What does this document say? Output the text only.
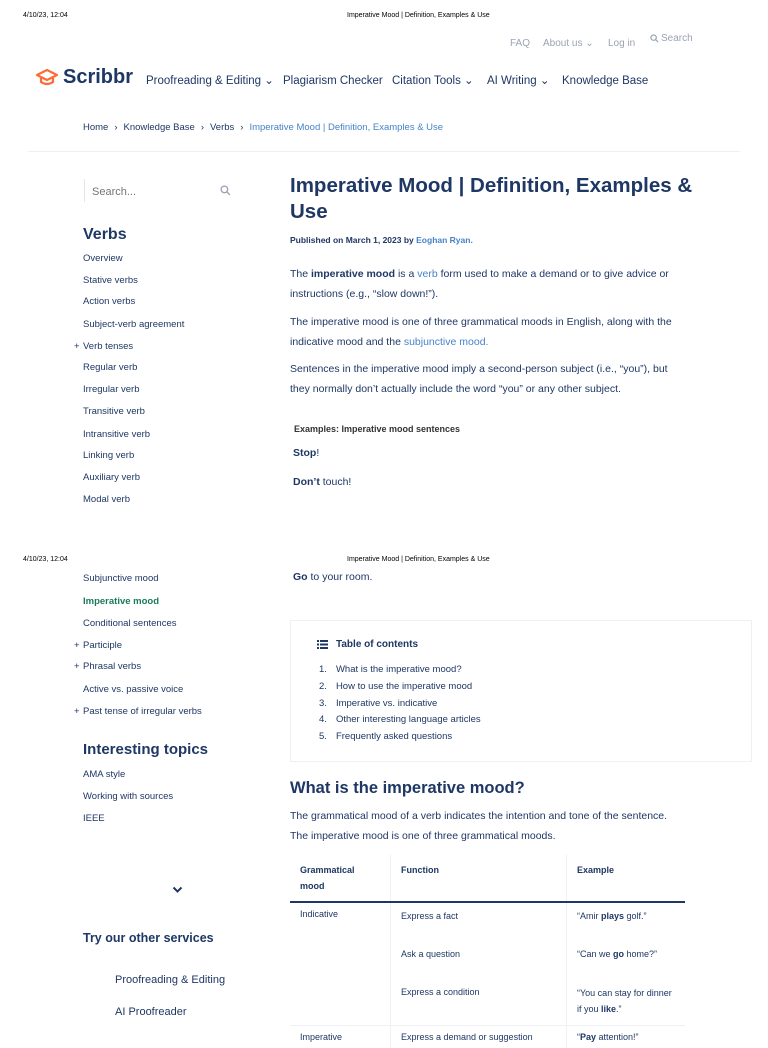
4/10/23, 12:04	Imperative Mood | Definition, Examples & Use
FAQ About us ⌄ Log in	Search
Scribbr Proofreading & Editing ⌄ Plagiarism Checker Citation Tools ⌄ AI Writing ⌄ Knowledge Base
Home › Knowledge Base › Verbs › Imperative Mood | Definition, Examples & Use
Search...
Verbs
Overview
Stative verbs
Action verbs
Subject-verb agreement
+ Verb tenses
Regular verb
Irregular verb
Transitive verb
Intransitive verb
Linking verb
Auxiliary verb
Modal verb
Imperative Mood | Definition, Examples & Use
Published on March 1, 2023 by Eoghan Ryan.

The imperative mood is a verb form used to make a demand or to give advice or instructions (e.g., “slow down!”).

The imperative mood is one of three grammatical moods in English, along with the indicative mood and the subjunctive mood.

Sentences in the imperative mood imply a second-person subject (i.e., “you”), but they normally don’t actually include the word “you” or any other subject.

Examples: Imperative mood sentences
Stop!
Don’t touch!
4/10/23, 12:04	Imperative Mood | Definition, Examples & Use
Subjunctive mood
Imperative mood
Conditional sentences
+ Participle
+ Phrasal verbs
Active vs. passive voice
+ Past tense of irregular verbs
Interesting topics
AMA style
Working with sources
IEEE
Try our other services
Proofreading & Editing
AI Proofreader
Go to your room.
Table of contents
1. What is the imperative mood?
2. How to use the imperative mood
3. Imperative vs. indicative
4. Other interesting language articles
5. Frequently asked questions
What is the imperative mood?

The grammatical mood of a verb indicates the intention and tone of the sentence. The imperative mood is one of three grammatical moods.

Grammatical mood	Function	Example
Indicative	Express a fact	“Amir plays golf.”
	Ask a question	“Can we go home?”
	Express a condition	“You can stay for dinner if you like.”
Imperative	Express a demand or suggestion	“Pay attention!”
